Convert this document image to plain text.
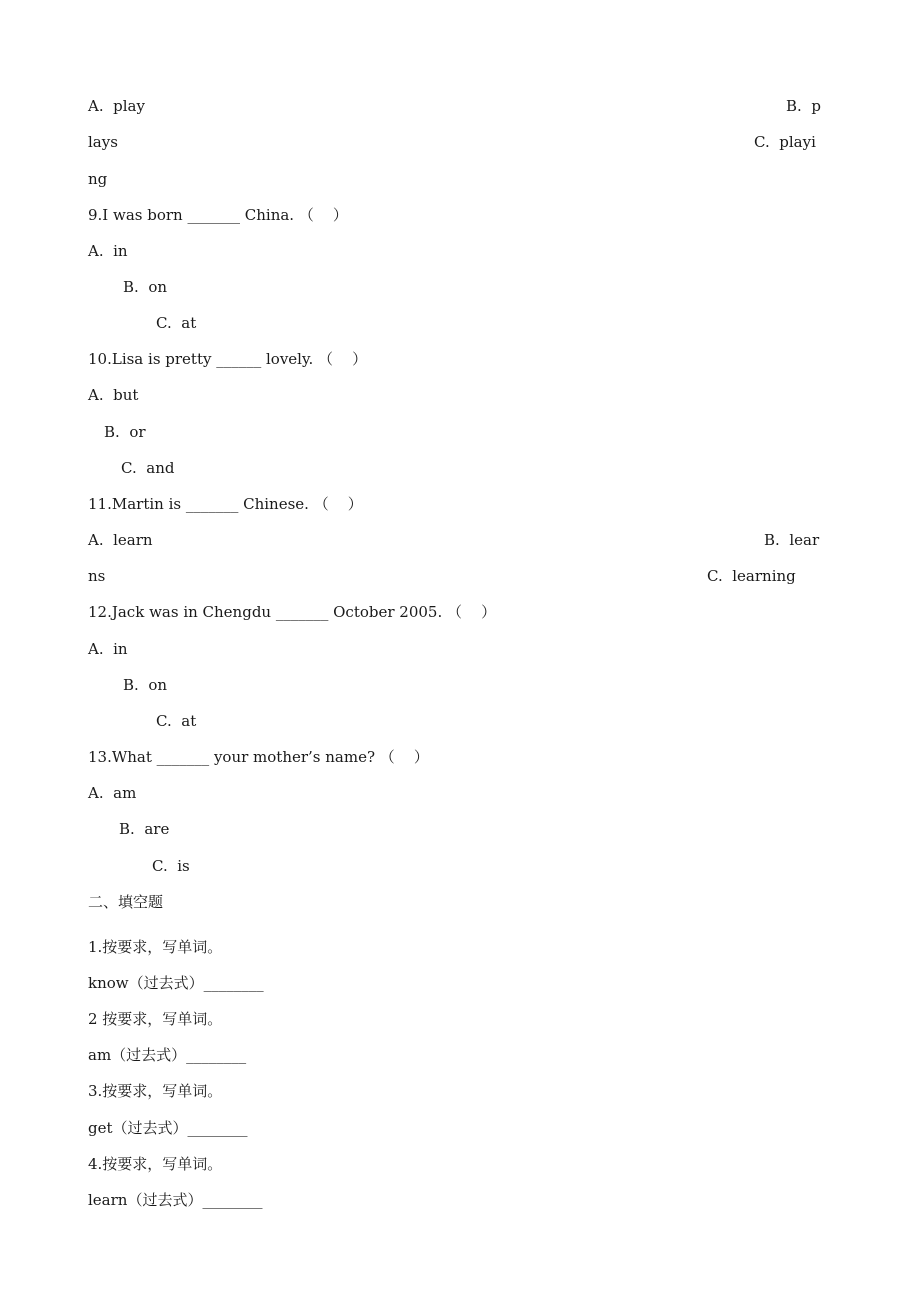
A.  play	B.  p
lays	C.  playi
ng
9.I was born _______ China. （    ）
A.  in
B.  on
C.  at
10.Lisa is pretty ______ lovely. （    ）
A.  but
B.  or
C.  and
11.Martin is _______ Chinese. （    ）
A.  learn	B.  lear
ns	C.  learning
12.Jack was in Chengdu _______ October 2005. （    ）
A.  in
B.  on
C.  at
13.What _______ your mother’s name? （    ）
A.  am
B.  are
C.  is
二、填空题
1.按要求，写单词。
know（过去式）________
2 按要求，写单词。
am（过去式）________
3.按要求，写单词。
get（过去式）________
4.按要求，写单词。
learn（过去式）________
